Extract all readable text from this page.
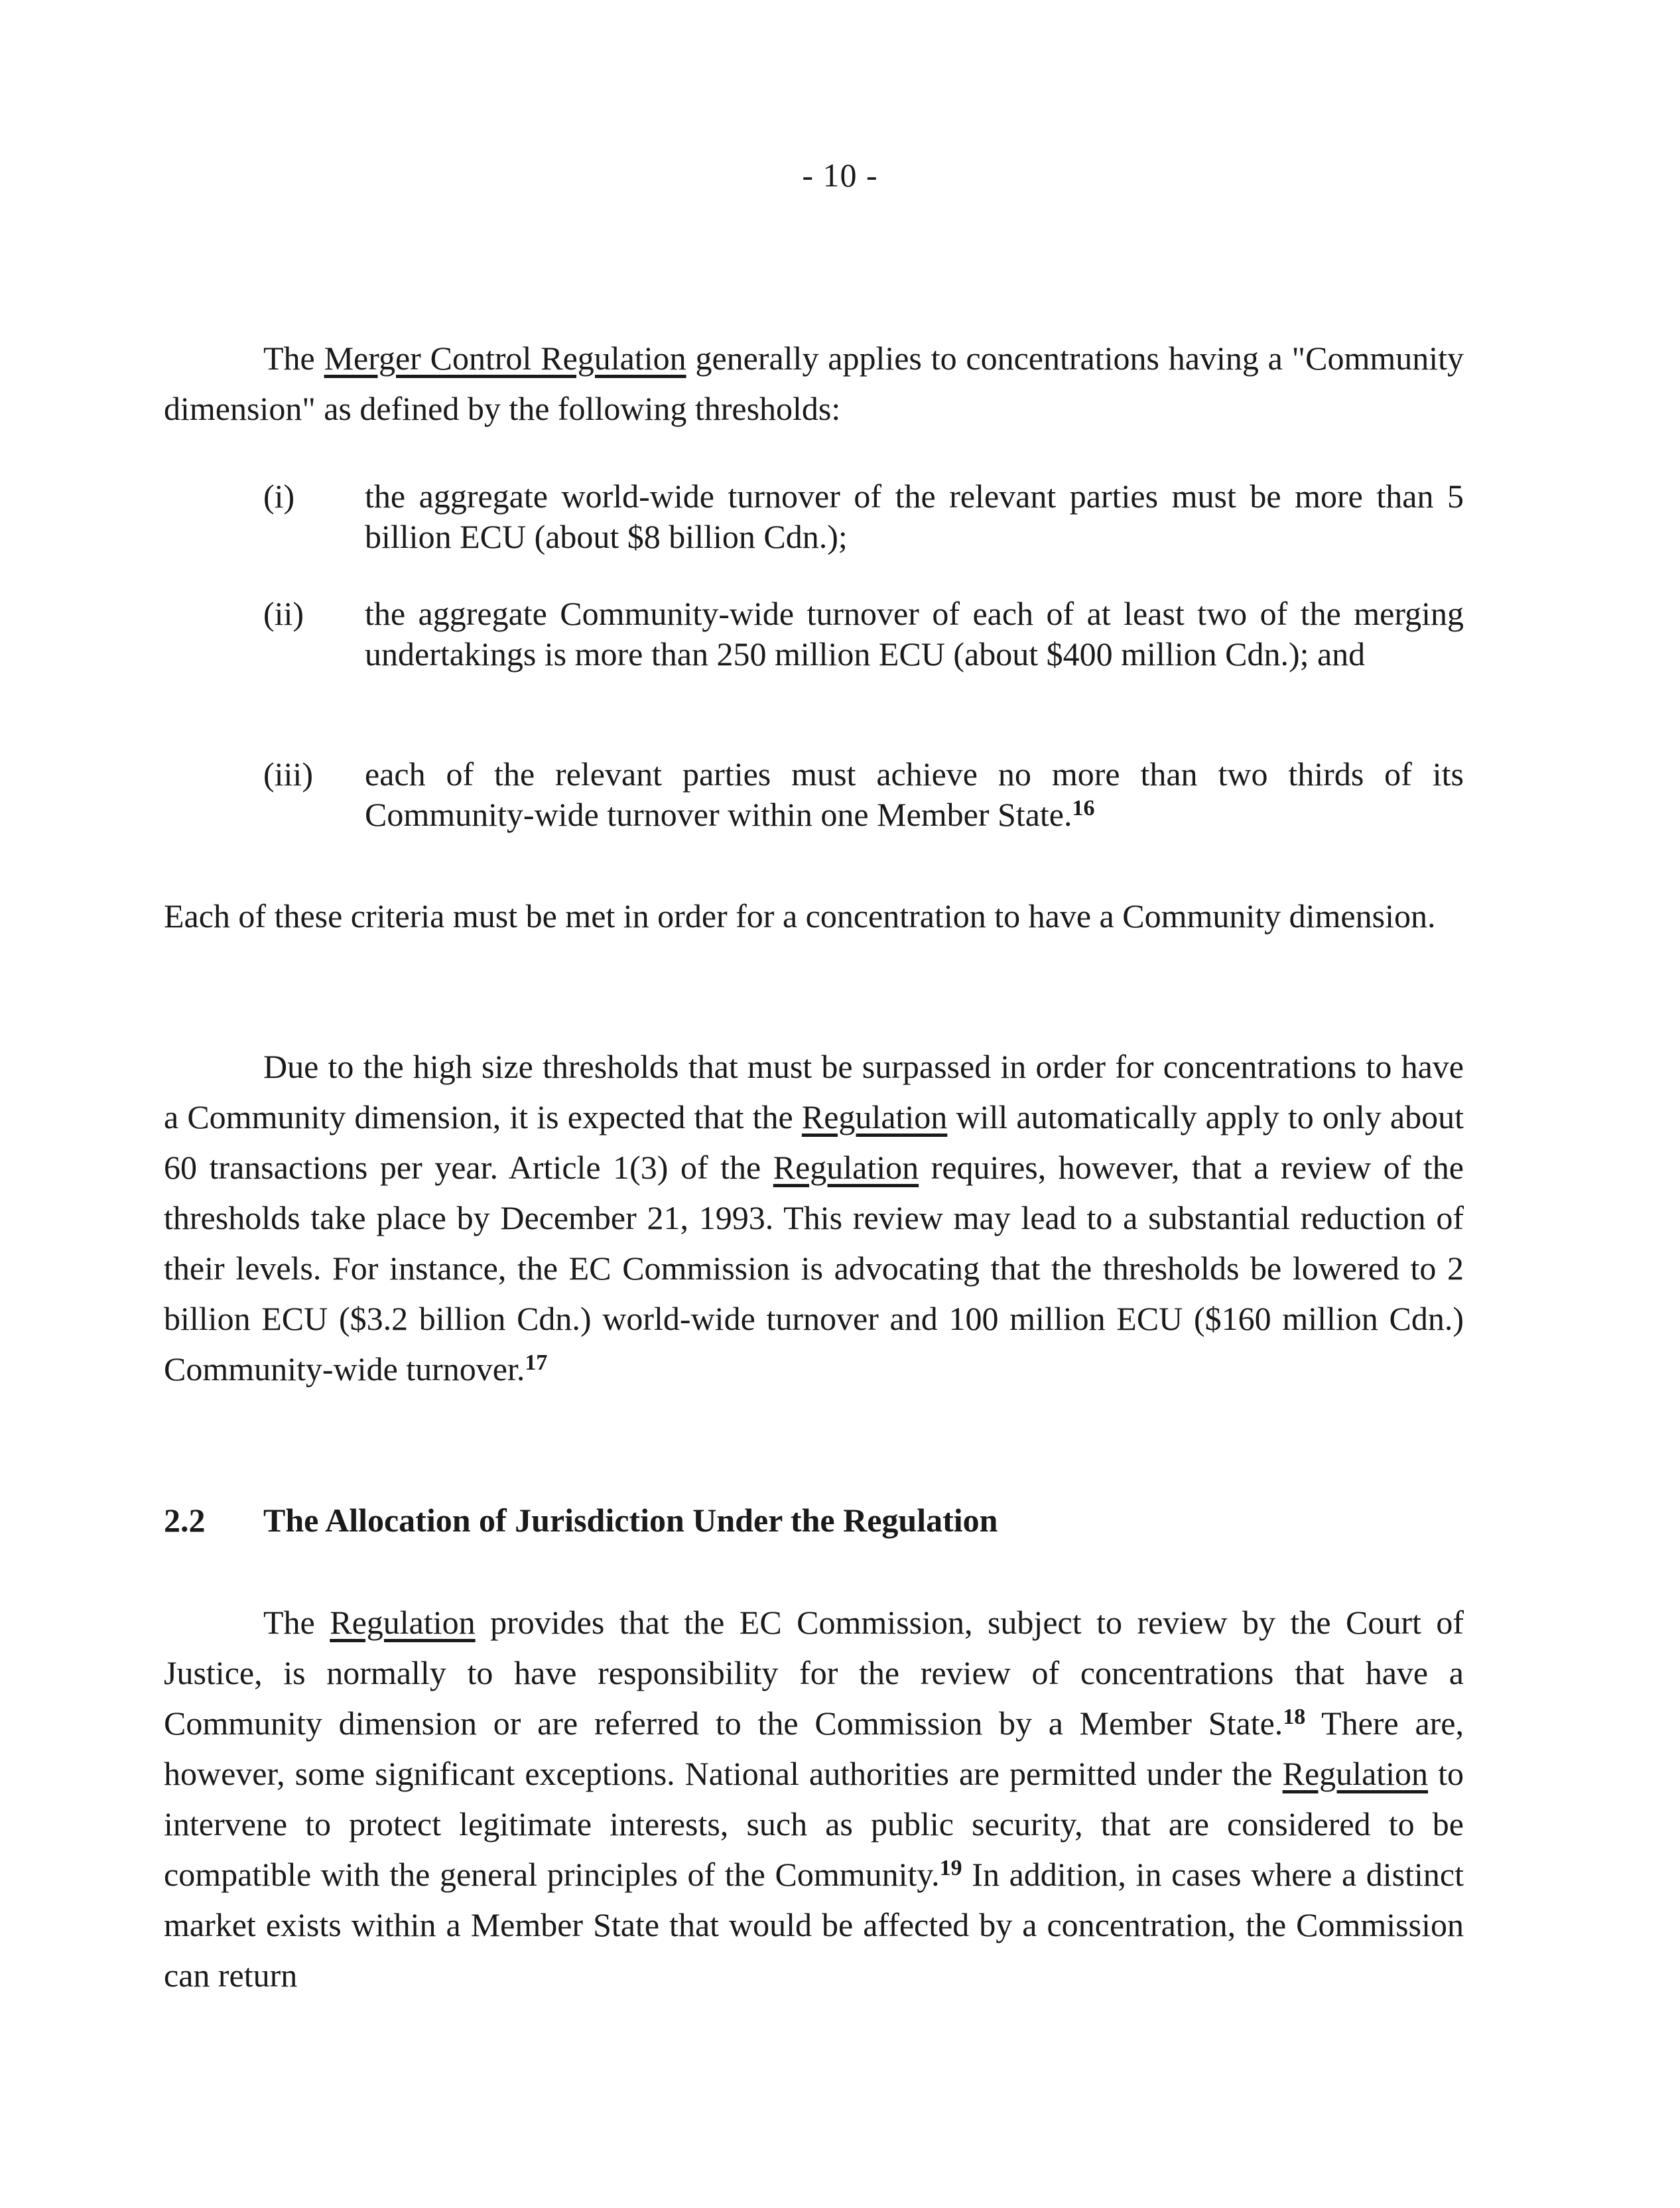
- 10 -

The Merger Control Regulation generally applies to concentrations having a "Community dimension" as defined by the following thresholds:

(i) the aggregate world-wide turnover of the relevant parties must be more than 5 billion ECU (about $8 billion Cdn.);
(ii) the aggregate Community-wide turnover of each of at least two of the merging undertakings is more than 250 million ECU (about $400 million Cdn.); and
(iii) each of the relevant parties must achieve no more than two thirds of its Community-wide turnover within one Member State.$^{16}$

Each of these criteria must be met in order for a concentration to have a Community dimension.

Due to the high size thresholds that must be surpassed in order for concentrations to have a Community dimension, it is expected that the Regulation will automatically apply to only about 60 transactions per year. Article 1(3) of the Regulation requires, however, that a review of the thresholds take place by December 21, 1993. This review may lead to a substantial reduction of their levels. For instance, the EC Commission is advocating that the thresholds be lowered to 2 billion ECU ($3.2 billion Cdn.) world-wide turnover and 100 million ECU ($160 million Cdn.) Community-wide turnover.$^{17}$

2.2 The Allocation of Jurisdiction Under the Regulation

The Regulation provides that the EC Commission, subject to review by the Court of Justice, is normally to have responsibility for the review of concentrations that have a Community dimension or are referred to the Commission by a Member State.$^{18}$ There are, however, some significant exceptions. National authorities are permitted under the Regulation to intervene to protect legitimate interests, such as public security, that are considered to be compatible with the general principles of the Community.$^{19}$ In addition, in cases where a distinct market exists within a Member State that would be affected by a concentration, the Commission can return
